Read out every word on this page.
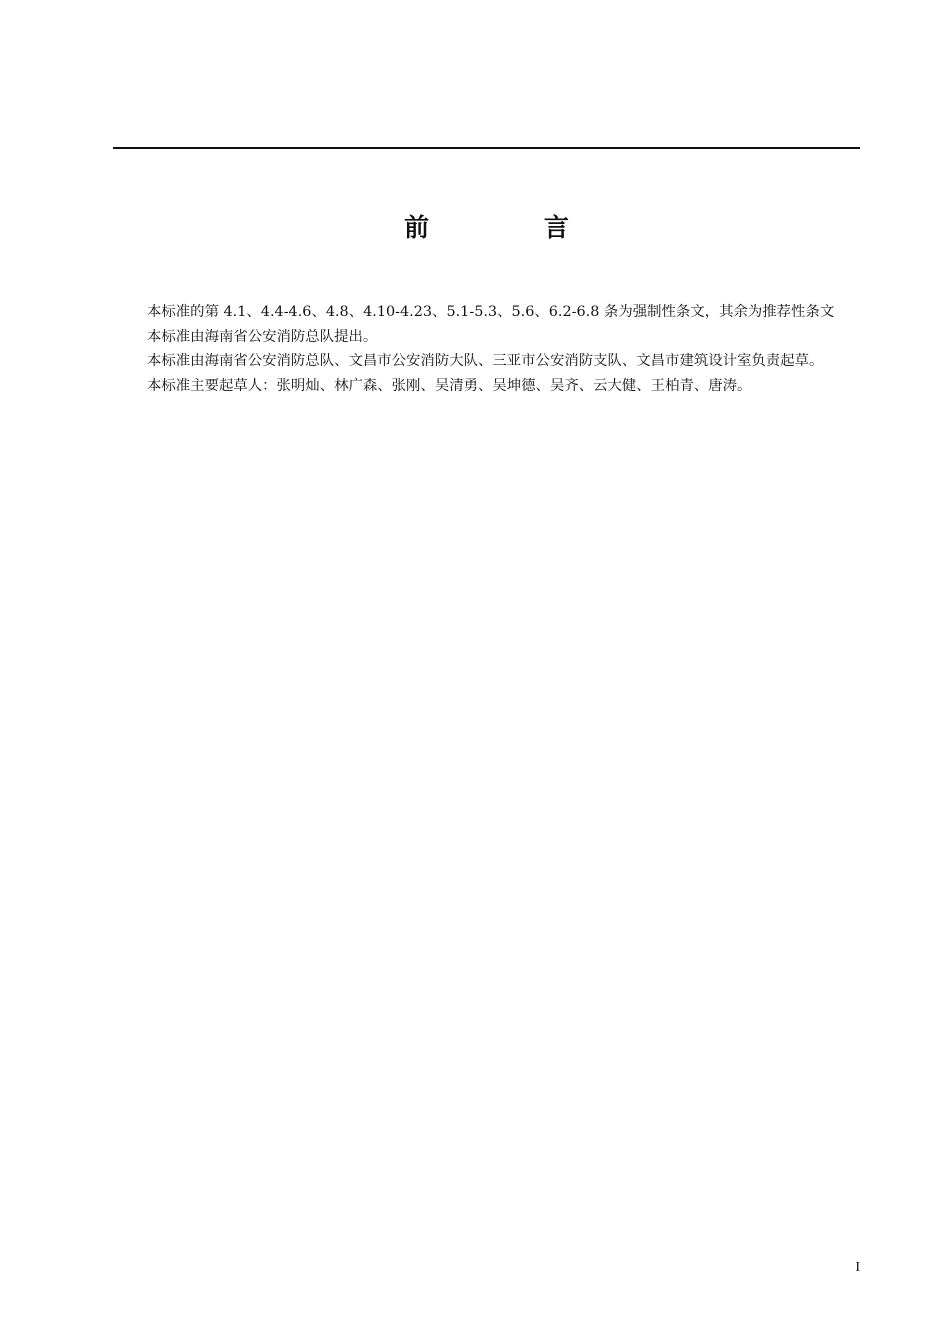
前 言

本标准的第 4.1、4.4-4.6、4.8、4.10-4.23、5.1-5.3、5.6、6.2-6.8 条为强制性条文，其余为推荐性条文

本标准由海南省公安消防总队提出。

本标准由海南省公安消防总队、文昌市公安消防大队、三亚市公安消防支队、文昌市建筑设计室负责起草。

本标准主要起草人：张明灿、林广森、张刚、吴清勇、吴坤德、吴齐、云大健、王柏青、唐涛。

I
